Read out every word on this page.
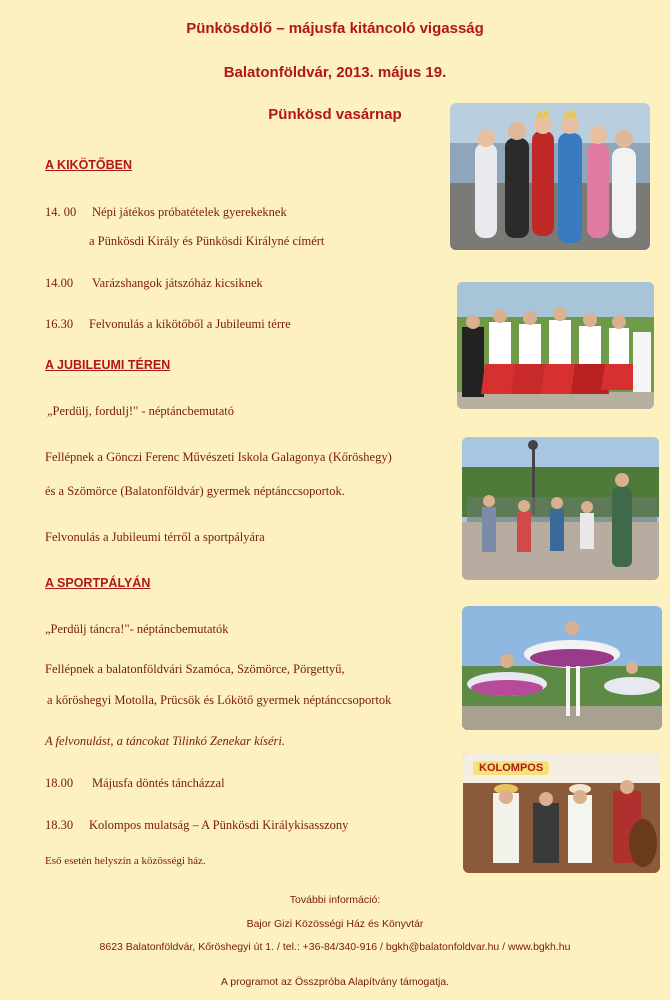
Pünkösdölő – májusfa kitáncoló vigasság
Balatonföldvár, 2013. május 19.
Pünkösd vasárnap
A KIKÖTŐBEN
14. 00 Népi játékos próbatételek gyerekeknek
a Pünkösdi Király és Pünkösdi Királyné címért
14.00 Varázshangok játszóház kicsiknek
16.30 Felvonulás a kikötőből a Jubileumi térre
A JUBILEUMI TÉREN
„Perdülj, fordulj!" - néptáncbemutató
Fellépnek a Gönczi Ferenc Művészeti Iskola Galagonya (Kőröshegy)
és a Szömörce (Balatonföldvár) gyermek néptánccsoportok.
Felvonulás a Jubileumi térről a sportpályára
A SPORTPÁLYÁN
„Perdülj táncra!"- néptáncbemutatók
Fellépnek a balatonföldvári Szamóca, Szömörce, Pörgettyű,
a kőröshegyi Motolla, Prücsök és Lókötő gyermek néptánccsoportok
A felvonulást, a táncokat Tilinkó Zenekar kíséri.
18.00 Májusfa döntés táncházzal
18.30 Kolompos mulatság – A Pünkösdi Királykisasszony
Eső esetén helyszín a közösségi ház.
További információ:
Bajor Gizi Közösségi Ház és Könyvtár
8623 Balatonföldvár, Kőröshegyi út 1. / tel.: +36-84/340-916 / bgkh@balatonfoldvar.hu / www.bgkh.hu
A programot az Összpróba Alapítvány támogatja.
KOLOMPOS
